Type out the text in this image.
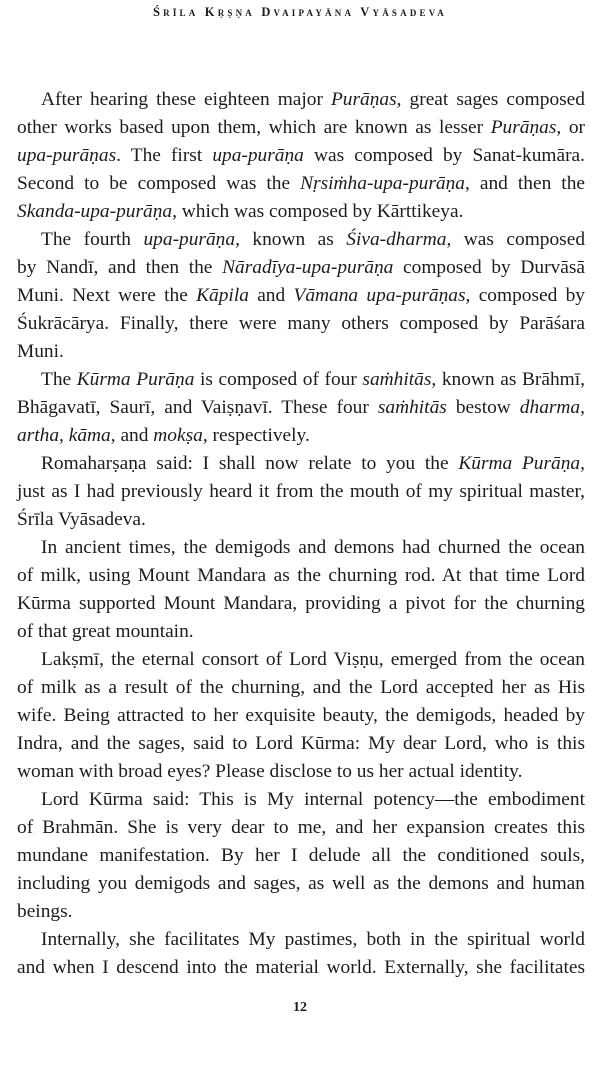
Śrīla Kṛṣṇa Dvaipayāna Vyāsadeva
After hearing these eighteen major Purāṇas, great sages composed
other works based upon them, which are known as lesser Purāṇas, or
upa-purāṇas. The first upa-purāṇa was composed by Sanat-kumāra.
Second to be composed was the Nṛsiṁha-upa-purāṇa, and then the
Skanda-upa-purāṇa, which was composed by Kārttikeya.
The fourth upa-purāṇa, known as Śiva-dharma, was composed
by Nandī, and then the Nāradīya-upa-purāṇa composed by Durvāsā
Muni. Next were the Kāpila and Vāmana upa-purāṇas, composed by
Śukrācārya. Finally, there were many others composed by Parāśara
Muni.
The Kūrma Purāṇa is composed of four saṁhitās, known as Brāhmī,
Bhāgavatī, Saurī, and Vaiṣṇavī. These four saṁhitās bestow dharma,
artha, kāma, and mokṣa, respectively.
Romaharṣaṇa said: I shall now relate to you the Kūrma Purāṇa,
just as I had previously heard it from the mouth of my spiritual master,
Śrīla Vyāsadeva.
In ancient times, the demigods and demons had churned the ocean
of milk, using Mount Mandara as the churning rod. At that time Lord
Kūrma supported Mount Mandara, providing a pivot for the churning
of that great mountain.
Lakṣmī, the eternal consort of Lord Viṣṇu, emerged from the ocean
of milk as a result of the churning, and the Lord accepted her as His
wife. Being attracted to her exquisite beauty, the demigods, headed by
Indra, and the sages, said to Lord Kūrma: My dear Lord, who is this
woman with broad eyes? Please disclose to us her actual identity.
Lord Kūrma said: This is My internal potency—the embodiment
of Brahmān. She is very dear to me, and her expansion creates this
mundane manifestation. By her I delude all the conditioned souls,
including you demigods and sages, as well as the demons and human
beings.
Internally, she facilitates My pastimes, both in the spiritual world
and when I descend into the material world. Externally, she facilitates
12
